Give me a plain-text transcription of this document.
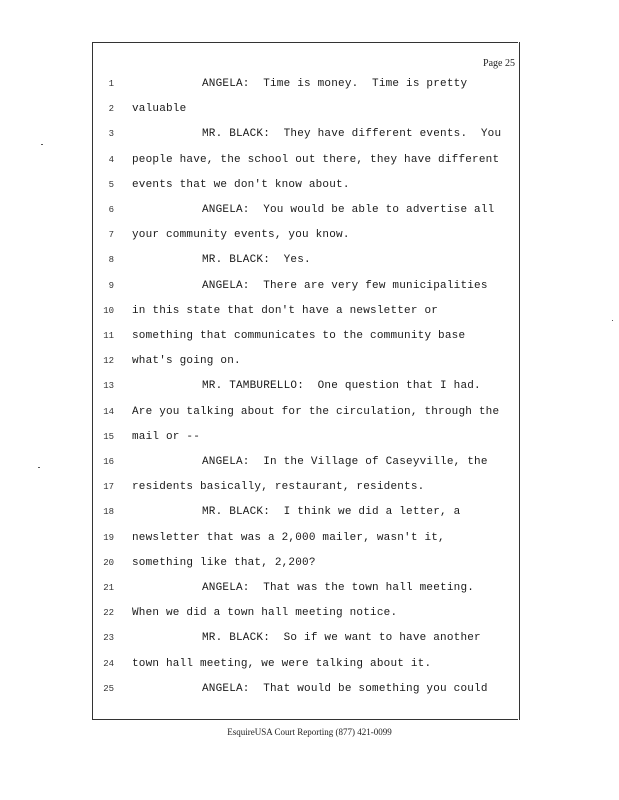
Page 25
1	ANGELA:  Time is money.  Time is pretty
2 valuable
3	MR. BLACK:  They have different events.  You
4 people have, the school out there, they have different
5 events that we don't know about.
6	ANGELA:  You would be able to advertise all
7 your community events, you know.
8	MR. BLACK:  Yes.
9	ANGELA:  There are very few municipalities
10 in this state that don't have a newsletter or
11 something that communicates to the community base
12 what's going on.
13	MR. TAMBURELLO:  One question that I had.
14 Are you talking about for the circulation, through the
15 mail or --
16	ANGELA:  In the Village of Caseyville, the
17 residents basically, restaurant, residents.
18	MR. BLACK:  I think we did a letter, a
19 newsletter that was a 2,000 mailer, wasn't it,
20 something like that, 2,200?
21	ANGELA:  That was the town hall meeting.
22 When we did a town hall meeting notice.
23	MR. BLACK:  So if we want to have another
24 town hall meeting, we were talking about it.
25	ANGELA:  That would be something you could
EsquireUSA Court Reporting (877) 421-0099
